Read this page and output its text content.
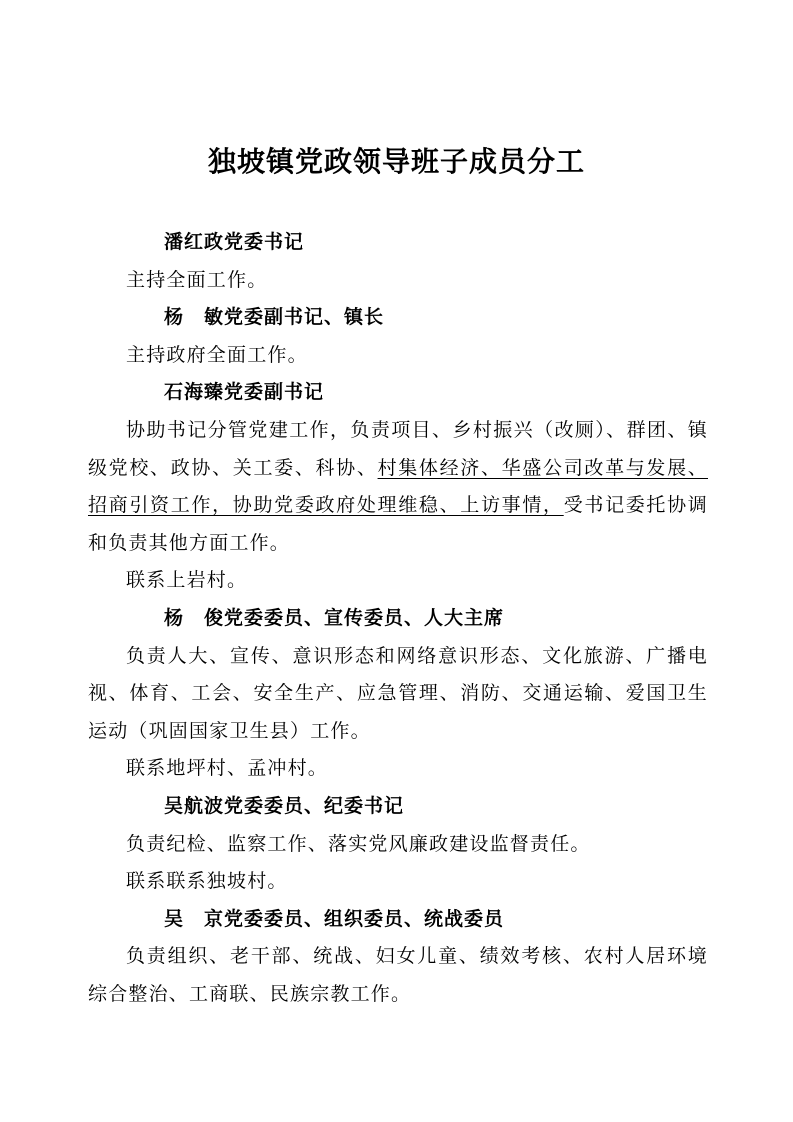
独坡镇党政领导班子成员分工

潘红政党委书记

主持全面工作。

杨　敏党委副书记、镇长

主持政府全面工作。

石海臻党委副书记

协助书记分管党建工作，负责项目、乡村振兴（改厕）、群团、镇级党校、政协、关工委、科协、村集体经济、华盛公司改革与发展、招商引资工作，协助党委政府处理维稳、上访事情，受书记委托协调和负责其他方面工作。

联系上岩村。

杨　俊党委委员、宣传委员、人大主席

负责人大、宣传、意识形态和网络意识形态、文化旅游、广播电视、体育、工会、安全生产、应急管理、消防、交通运输、爱国卫生运动（巩固国家卫生县）工作。

联系地坪村、孟冲村。

吴航波党委委员、纪委书记

负责纪检、监察工作、落实党风廉政建设监督责任。

联系联系独坡村。

吴　京党委委员、组织委员、统战委员

负责组织、老干部、统战、妇女儿童、绩效考核、农村人居环境综合整治、工商联、民族宗教工作。
